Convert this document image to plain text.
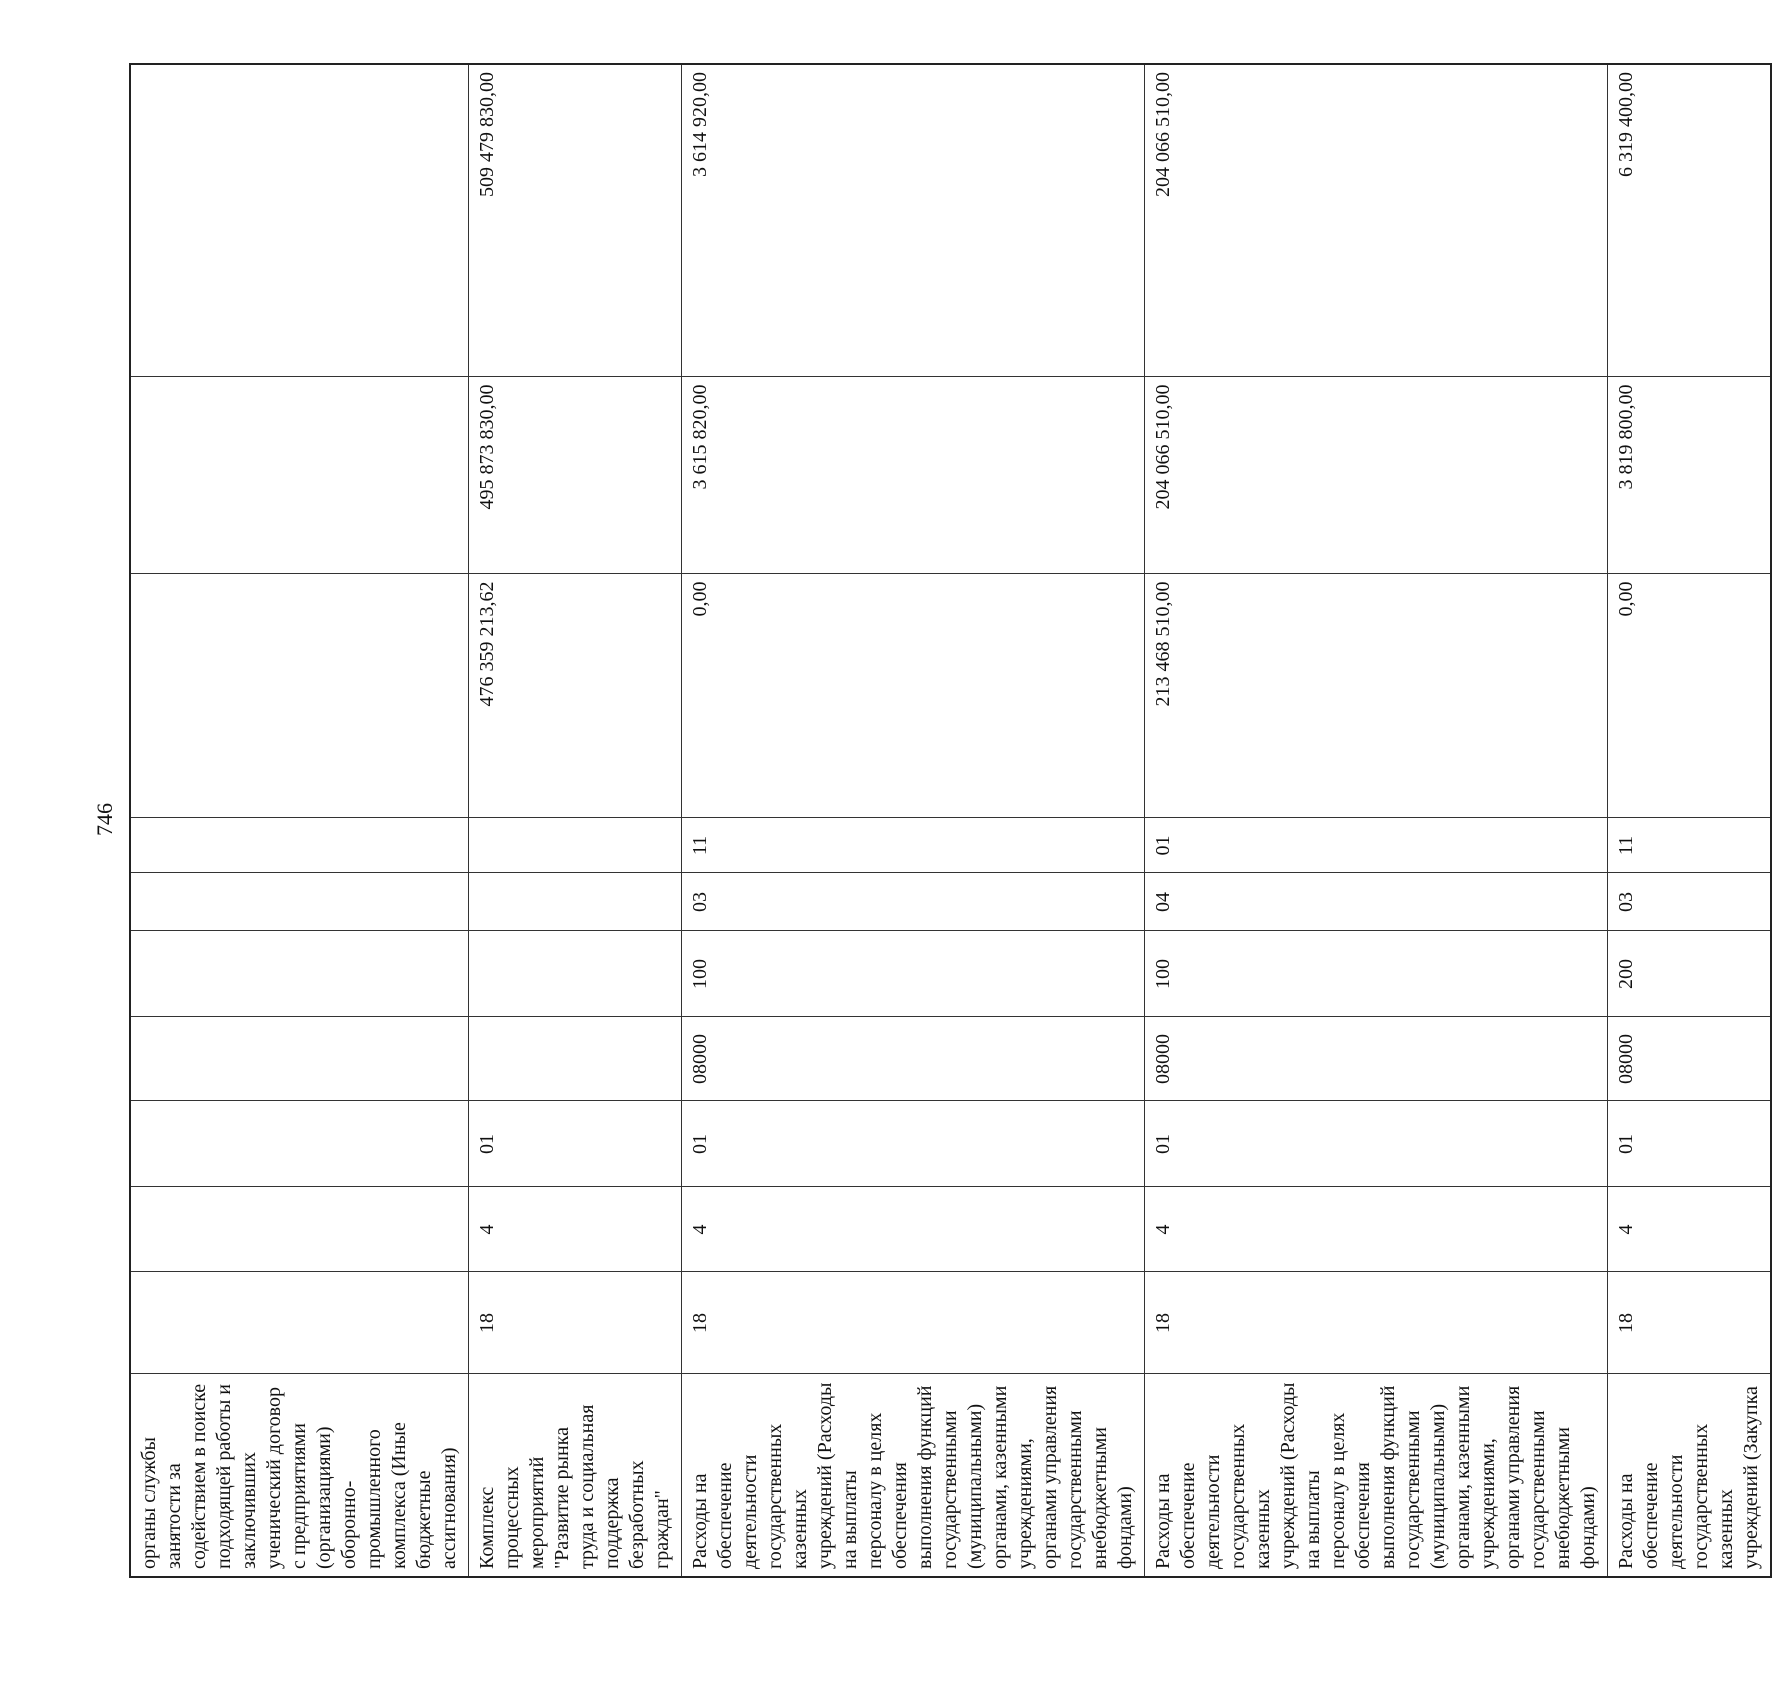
746
органы службы занятости за содействием в поиске подходящей работы и заключивших ученический договор с предприятиями (организациями) оборонно-промышленного комплекса (Иные бюджетные ассигнования)										
Комплекс процессных мероприятий "Развитие рынка труда и социальная поддержка безработных граждан"	18	4	01					476 359 213,62	495 873 830,00	509 479 830,00
Расходы на обеспечение деятельности государственных казенных учреждений (Расходы на выплаты персоналу в целях обеспечения выполнения функций государственными (муниципальными) органами, казенными учреждениями, органами управления государственными внебюджетными фондами)	18	4	01	08000	100	03	11	0,00	3 615 820,00	3 614 920,00
Расходы на обеспечение деятельности государственных казенных учреждений (Расходы на выплаты персоналу в целях обеспечения выполнения функций государственными (муниципальными) органами, казенными учреждениями, органами управления государственными внебюджетными фондами)	18	4	01	08000	100	04	01	213 468 510,00	204 066 510,00	204 066 510,00
Расходы на обеспечение деятельности государственных казенных учреждений (Закупка	18	4	01	08000	200	03	11	0,00	3 819 800,00	6 319 400,00
